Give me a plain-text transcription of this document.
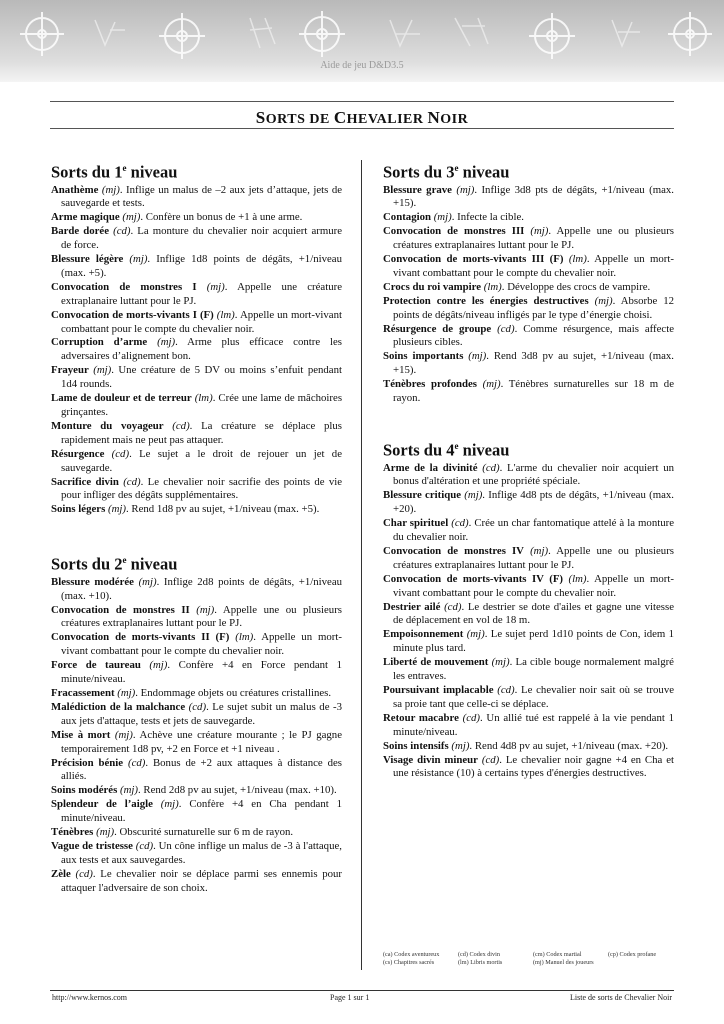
Aide de jeu D&D3.5
SORTS DE CHEVALIER NOIR
Sorts du 1e niveau

Anathème (mj). Inflige un malus de –2 aux jets d’attaque, jets de sauvegarde et tests.

Arme magique (mj). Confère un bonus de +1 à une arme.

Barde dorée (cd). La monture du chevalier noir acquiert armure de force.

Blessure légère (mj). Inflige 1d8 points de dégâts, +1/niveau (max. +5).

Convocation de monstres I (mj). Appelle une créature extraplanaire luttant pour le PJ.

Convocation de morts-vivants I (F) (lm). Appelle un mort-vivant combattant pour le compte du chevalier noir.

Corruption d’arme (mj). Arme plus efficace contre les adversaires d’alignement bon.

Frayeur (mj). Une créature de 5 DV ou moins s’enfuit pendant 1d4 rounds.

Lame de douleur et de terreur (lm). Crée une lame de mâchoires grinçantes.

Monture du voyageur (cd). La créature se déplace plus rapidement mais ne peut pas attaquer.

Résurgence (cd). Le sujet a le droit de rejouer un jet de sauvegarde.

Sacrifice divin (cd). Le chevalier noir sacrifie des points de vie pour infliger des dégâts supplémentaires.

Soins légers (mj). Rend 1d8 pv au sujet, +1/niveau (max. +5).

Sorts du 2e niveau

Blessure modérée (mj). Inflige 2d8 points de dégâts, +1/niveau (max. +10).

Convocation de monstres II (mj). Appelle une ou plusieurs créatures extraplanaires luttant pour le PJ.

Convocation de morts-vivants II (F) (lm). Appelle un mort-vivant combattant pour le compte du chevalier noir.

Force de taureau (mj). Confère +4 en Force pendant 1 minute/niveau.

Fracassement (mj). Endommage objets ou créatures cristallines.

Malédiction de la malchance (cd). Le sujet subit un malus de -3 aux jets d'attaque, tests et jets de sauvegarde.

Mise à mort (mj). Achève une créature mourante ; le PJ gagne temporairement 1d8 pv, +2 en Force et +1 niveau .

Précision bénie (cd). Bonus de +2 aux attaques à distance des alliés.

Soins modérés (mj). Rend 2d8 pv au sujet, +1/niveau (max. +10).

Splendeur de l’aigle (mj). Confère +4 en Cha pendant 1 minute/niveau.

Ténèbres (mj). Obscurité surnaturelle sur 6 m de rayon.

Vague de tristesse (cd). Un cône inflige un malus de -3 à l'attaque, aux tests et aux sauvegardes.

Zèle (cd). Le chevalier noir se déplace parmi ses ennemis pour attaquer l'adversaire de son choix.

Sorts du 3e niveau

Blessure grave (mj). Inflige 3d8 pts de dégâts, +1/niveau (max. +15).

Contagion (mj). Infecte la cible.

Convocation de monstres III (mj). Appelle une ou plusieurs créatures extraplanaires luttant pour le PJ.

Convocation de morts-vivants III (F) (lm). Appelle un mort-vivant combattant pour le compte du chevalier noir.

Crocs du roi vampire (lm). Développe des crocs de vampire.

Protection contre les énergies destructives (mj). Absorbe 12 points de dégâts/niveau infligés par le type d’énergie choisi.

Résurgence de groupe (cd). Comme résurgence, mais affecte plusieurs cibles.

Soins importants (mj). Rend 3d8 pv au sujet, +1/niveau (max. +15).

Ténèbres profondes (mj). Ténèbres surnaturelles sur 18 m de rayon.

Sorts du 4e niveau

Arme de la divinité (cd). L'arme du chevalier noir acquiert un bonus d'altération et une propriété spéciale.

Blessure critique (mj). Inflige 4d8 pts de dégâts, +1/niveau (max. +20).

Char spirituel (cd). Crée un char fantomatique attelé à la monture du chevalier noir.

Convocation de monstres IV (mj). Appelle une ou plusieurs créatures extraplanaires luttant pour le PJ.

Convocation de morts-vivants IV (F) (lm). Appelle un mort-vivant combattant pour le compte du chevalier noir.

Destrier ailé (cd). Le destrier se dote d'ailes et gagne une vitesse de déplacement en vol de 18 m.

Empoisonnement (mj). Le sujet perd 1d10 points de Con, idem 1 minute plus tard.

Liberté de mouvement (mj). La cible bouge normalement malgré les entraves.

Poursuivant implacable (cd). Le chevalier noir sait où se trouve sa proie tant que celle-ci se déplace.

Retour macabre (cd). Un allié tué est rappelé à la vie pendant 1 minute/niveau.

Soins intensifs (mj). Rend 4d8 pv au sujet, +1/niveau (max. +20).

Visage divin mineur (cd). Le chevalier noir gagne +4 en Cha et une résistance (10) à certains types d'énergies destructives.

(ca) Codex aventureux	(cd) Codex divin	(cm) Codex martial	(cp) Codex profane
(cs) Chapitres sacrés	(lm) Libris mortis	(mj) Manuel des joueurs
http://www.kernos.com	Page 1 sur 1	Liste de sorts de Chevalier Noir
